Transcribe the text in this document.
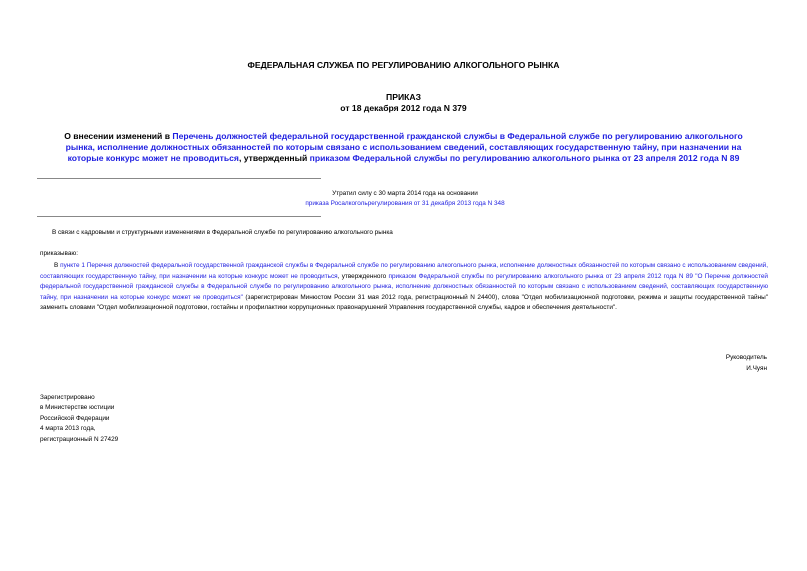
ФЕДЕРАЛЬНАЯ СЛУЖБА ПО РЕГУЛИРОВАНИЮ АЛКОГОЛЬНОГО РЫНКА
ПРИКАЗ
от 18 декабря 2012 года N 379
О внесении изменений в Перечень должностей федеральной государственной гражданской службы в Федеральной службе по регулированию алкогольного рынка, исполнение должностных обязанностей по которым связано с использованием сведений, составляющих государственную тайну, при назначении на которые конкурс может не проводиться, утвержденный приказом Федеральной службы по регулированию алкогольного рынка от 23 апреля 2012 года N 89
Утратил силу с 30 марта 2014 года на основании
приказа Росалкогольрегулирования от 31 декабря 2013 года N 348
В связи с кадровыми и структурными изменениями в Федеральной службе по регулированию алкогольного рынка
приказываю:
В пункте 1 Перечня должностей федеральной государственной гражданской службы в Федеральной службе по регулированию алкогольного рынка, исполнение должностных обязанностей по которым связано с использованием сведений, составляющих государственную тайну, при назначении на которые конкурс может не проводиться, утвержденного приказом Федеральной службы по регулированию алкогольного рынка от 23 апреля 2012 года N 89 "О Перечне должностей федеральной государственной гражданской службы в Федеральной службе по регулированию алкогольного рынка, исполнение должностных обязанностей по которым связано с использованием сведений, составляющих государственную тайну, при назначении на которые конкурс может не проводиться" (зарегистрирован Минюстом России 31 мая 2012 года, регистрационный N 24400), слова "Отдел мобилизационной подготовки, режима и защиты государственной тайны" заменить словами "Отдел мобилизационной подготовки, гостайны и профилактики коррупционных правонарушений Управления государственной службы, кадров и обеспечения деятельности".
Руководитель
И.Чуян
Зарегистрировано
в Министерстве юстиции
Российской Федерации
4 марта 2013 года,
регистрационный N 27429
